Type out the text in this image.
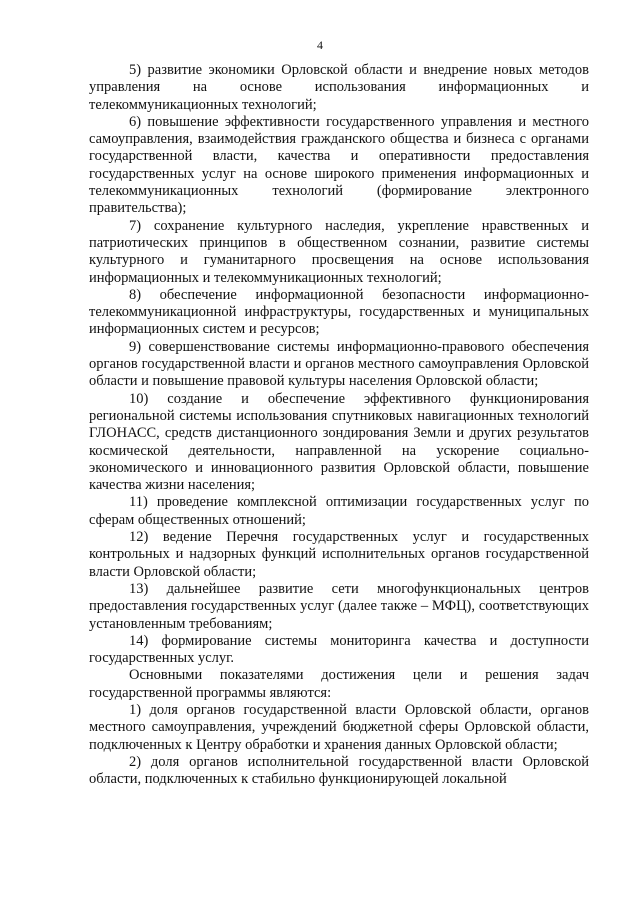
4

5) развитие экономики Орловской области и внедрение новых методов управления на основе использования информационных и телекоммуникационных технологий;

6) повышение эффективности государственного управления и местного самоуправления, взаимодействия гражданского общества и бизнеса с органами государственной власти, качества и оперативности предоставления государственных услуг на основе широкого применения информационных и телекоммуникационных технологий (формирование электронного правительства);

7) сохранение культурного наследия, укрепление нравственных и патриотических принципов в общественном сознании, развитие системы культурного и гуманитарного просвещения на основе использования информационных и телекоммуникационных технологий;

8) обеспечение информационной безопасности информационно-телекоммуникационной инфраструктуры, государственных и муниципальных информационных систем и ресурсов;

9) совершенствование системы информационно-правового обеспечения органов государственной власти и органов местного самоуправления Орловской области и повышение правовой культуры населения Орловской области;

10) создание и обеспечение эффективного функционирования региональной системы использования спутниковых навигационных технологий ГЛОНАСС, средств дистанционного зондирования Земли и других результатов космической деятельности, направленной на ускорение социально-экономического и инновационного развития Орловской области, повышение качества жизни населения;

11) проведение комплексной оптимизации государственных услуг по сферам общественных отношений;

12) ведение Перечня государственных услуг и государственных контрольных и надзорных функций исполнительных органов государственной власти Орловской области;

13) дальнейшее развитие сети многофункциональных центров предоставления государственных услуг (далее также – МФЦ), соответствующих установленным требованиям;

14) формирование системы мониторинга качества и доступности государственных услуг.

Основными показателями достижения цели и решения задач государственной программы являются:

1) доля органов государственной власти Орловской области, органов местного самоуправления, учреждений бюджетной сферы Орловской области, подключенных к Центру обработки и хранения данных Орловской области;

2) доля органов исполнительной государственной власти Орловской области, подключенных к стабильно функционирующей локальной
